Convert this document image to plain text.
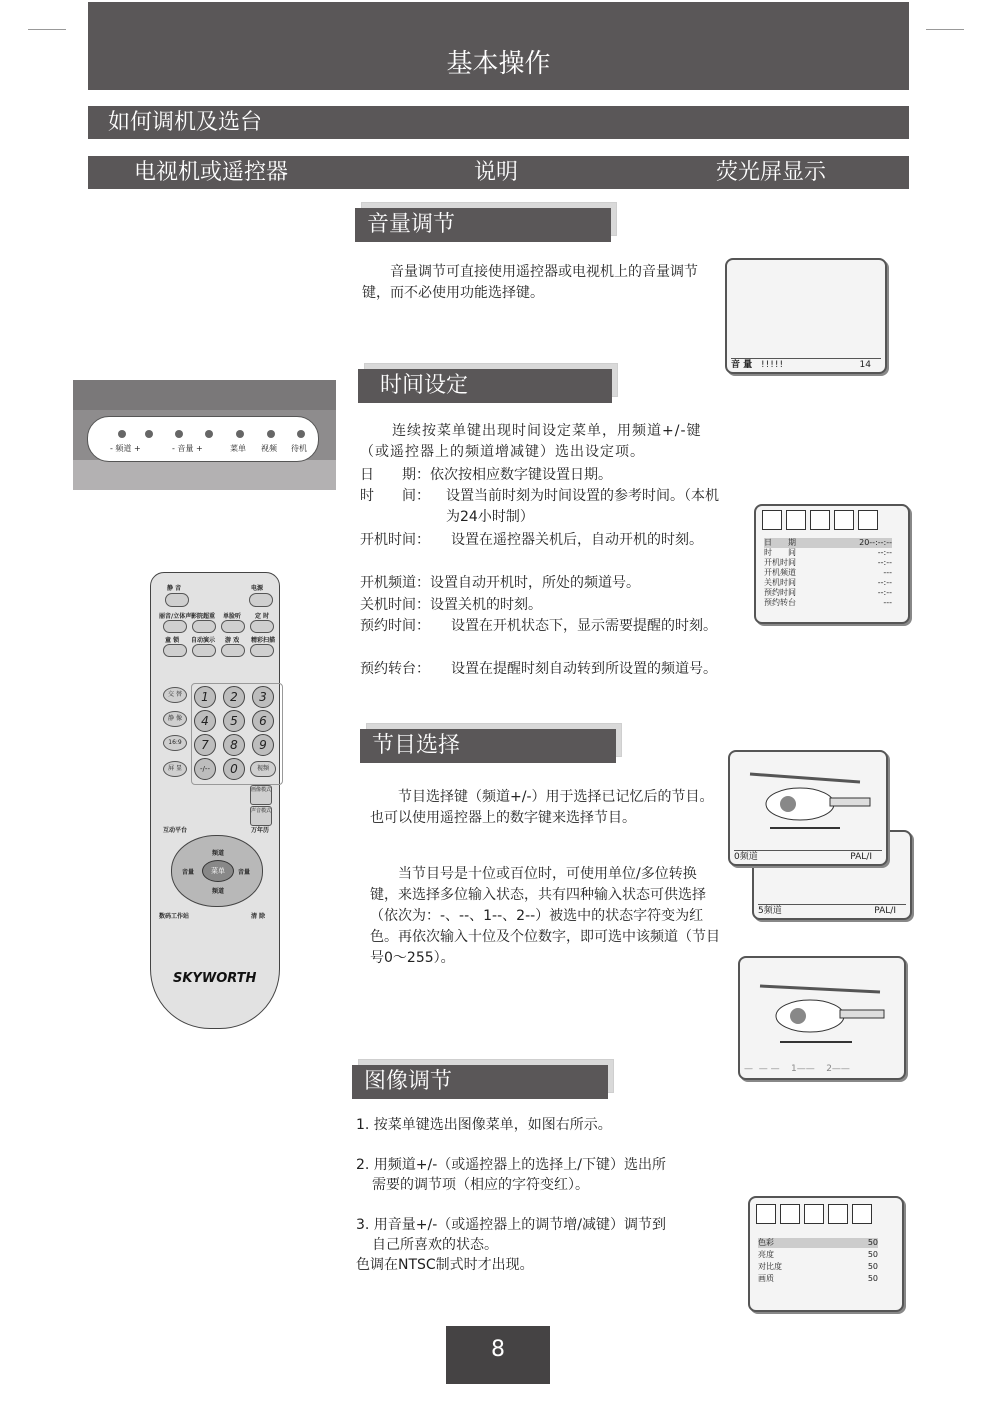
基本操作
如何调机及选台
电视机或遥控器	说明	荧光屏显示
音量调节
音量调节可直接使用遥控器或电视机上的音量调节键，而不必使用功能选择键。
音 量 !!!!!	14
- 频道 +	- 音量 +	菜单 视频 待机
时间设定
连续按菜单键出现时间设定菜单，用频道+/-键（或遥控器上的频道增减键）选出设定项。
日　　期：依次按相应数字键设置日期。
时　　间： 设置当前时刻为时间设置的参考时间。（本机为24小时制）
开机时间： 设置在遥控器关机后，自动开机的时刻。
开机频道：设置自动开机时，所处的频道号。
关机时间：设置关机的时刻。
预约时间： 设置在开机状态下，显示需要提醒的时刻。
预约转台： 设置在提醒时刻自动转到所设置的频道号。
日　　期	20--:--:--
时　　间	--:--
开机时间	--:--
开机频道	---
关机时间	--:--
预约时间	--:--
预约转台	---
静 音	电源
丽音/立体声 影院超重 单脸听 定 时
童 锁 自动演示 游 戏 精彩扫描
交 替
静 像
16:9
屏 显
1	2	3
4	5	6
7	8	9
-/--	0	视频
画像模式
声音模式
互动平台	万年历
频道
频道
音量	音量
菜单
数码工作站	清 除
SKYWORTH
节目选择
节目选择键（频道+/-）用于选择已记忆后的节目。也可以使用遥控器上的数字键来选择节目。
当节目号是十位或百位时，可使用单位/多位转换键，来选择多位输入状态，共有四种输入状态可供选择（依次为：-、--、1--、2--）被选中的状态字符变为红色。再依次输入十位及个位数字，即可选中该频道（节目号0～255）。
5频道	PAL/I
0频道	PAL/I
—  — —    1——    2——
图像调节
1. 按菜单键选出图像菜单，如图右所示。
2. 用频道+/-（或遥控器上的选择上/下键）选出所
需要的调节项（相应的字符变红）。
3. 用音量+/-（或遥控器上的调节增/减键）调节到
自己所喜欢的状态。
色调在NTSC制式时才出现。
色彩	50
亮度	50
对比度	50
画质	50
8
